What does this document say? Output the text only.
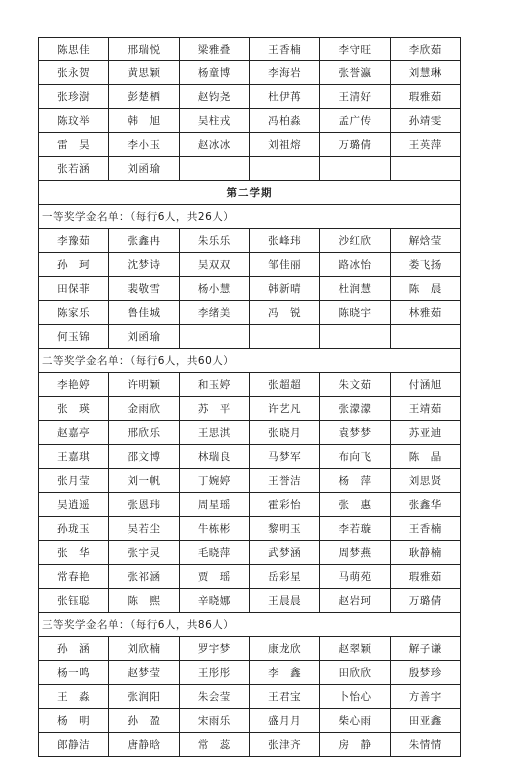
陈思佳	邢瑞悦	梁雅叠	王香楠	李守旺	李欣茹
张永贺	黄思颖	杨童博	李海岩	张誉瀛	刘慧琳
张珍澍	彭楚栖	赵钧尧	杜伊苒	王清好	瑕雅茹
陈玟举	韩　旭	吴柱戎	冯柏淼	孟广传	孙靖雯
雷　昊	李小玉	赵冰冰	刘祖熔	万璐倩	王英萍
张若涵	刘函瑜
第二学期
一等奖学金名单：（每行6人，共26人）
李豫茹	张鑫冉	朱乐乐	张峰玮	沙红欣	解焓莹
孙　珂	沈梦诗	吴双双	邹佳丽	路冰怡	娄飞扬
田保菲	裴敬雪	杨小慧	韩新晴	杜润慧	陈　晨
陈家乐	鲁佳城	李绪美	冯　锐	陈晓宇	林雅茹
何玉锦	刘函瑜
二等奖学金名单：（每行6人，共60人）
李艳婷	许明颖	和玉婷	张超超	朱文茹	付涵旭
张　瑛	金雨欣	苏　平	许艺凡	张濛濛	王靖茹
赵嘉亭	邢欣乐	王思淇	张晓月	袁梦梦	苏亚迪
王嘉琪	邵文博	林瑞良	马梦军	布向飞	陈　晶
张月莹	刘一帆	丁婉婷	王誉洁	杨　萍	刘思贤
吴逍遥	张恩玮	周星瑶	霍彩怡	张　惠	张鑫华
孙珑玉	吴若尘	牛栋彬	黎明玉	李若璇	王香楠
张　华	张宇灵	毛晓萍	武梦涵	周梦燕	耿静楠
常春艳	张祁涵	贾　瑶	岳彩星	马萌苑	瑕雅茹
张钰聪	陈　熙	辛晓娜	王晨晨	赵岩珂	万璐倩
三等奖学金名单：（每行6人，共86人）
孙　涵	刘欣楠	罗宇梦	康龙欣	赵翠颖	解子谦
杨一鸣	赵梦莹	王彤彤	李　鑫	田欣欣	殷梦珍
王　淼	张润阳	朱会莹	王君宝	卜怡心	方善宇
杨　明	孙　盈	宋雨乐	盛月月	柴心雨	田亚鑫
郎静洁	唐静晗	常　蕊	张津齐	房　静	朱情情
